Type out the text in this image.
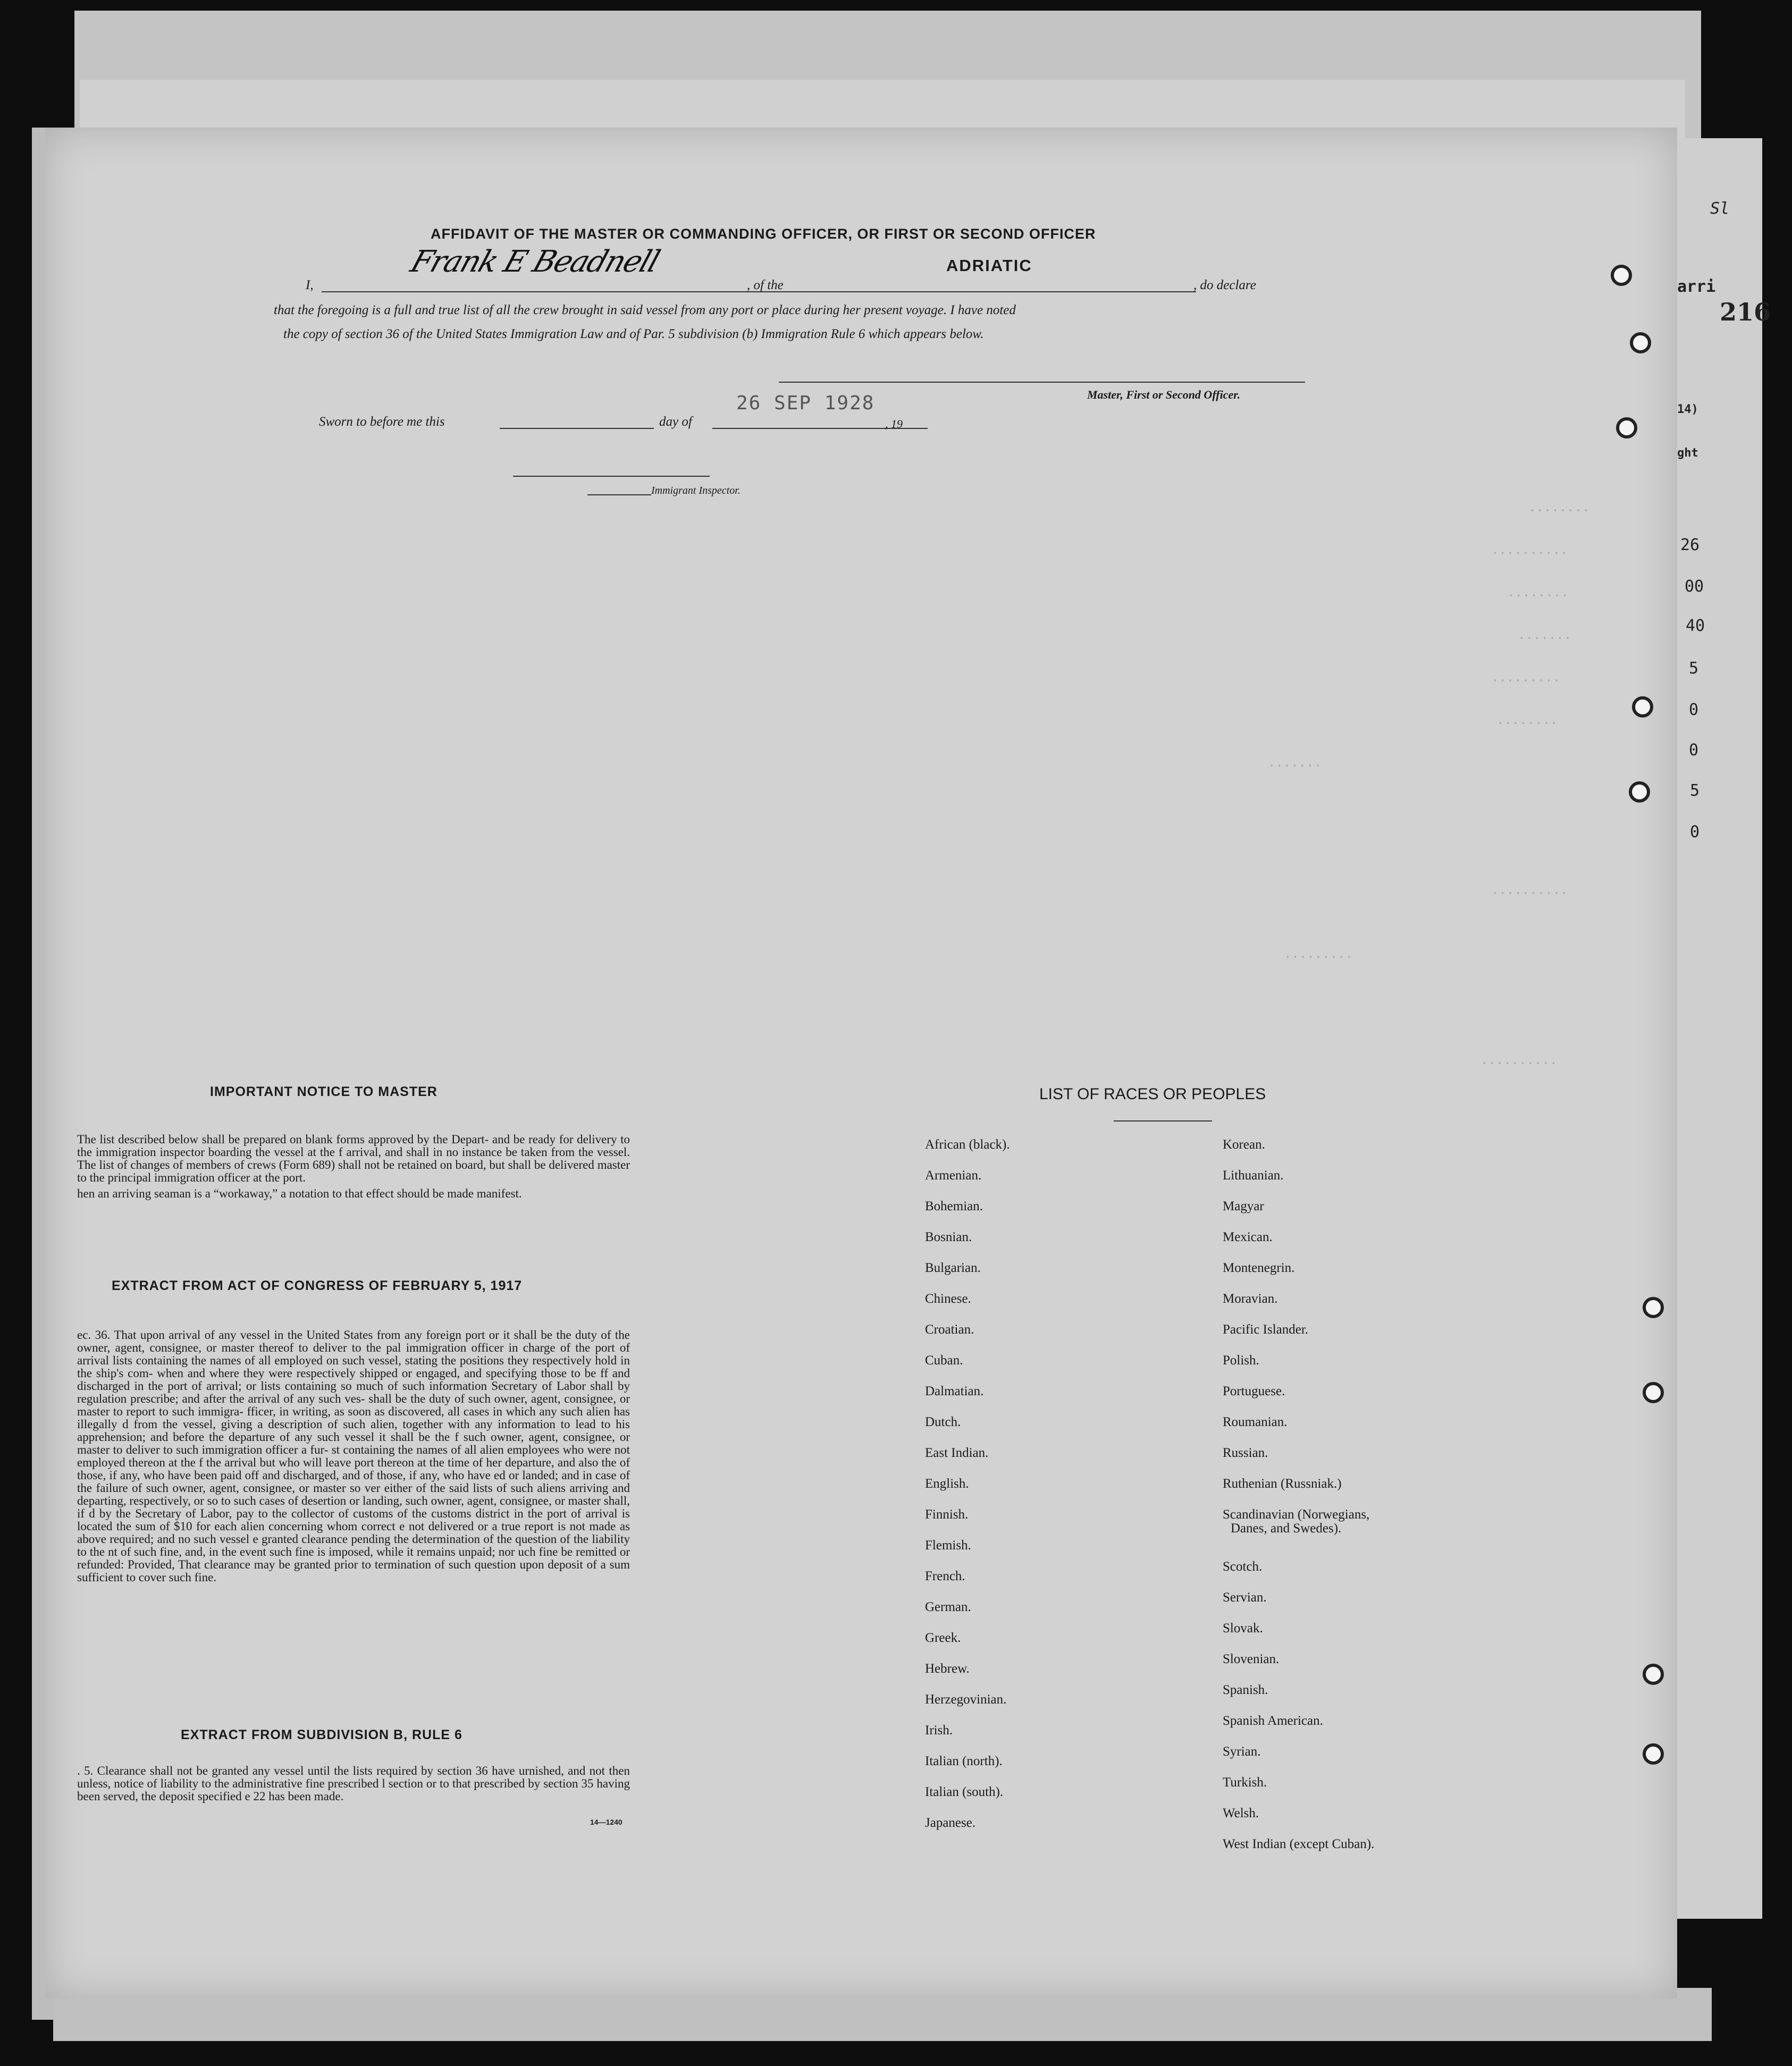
Sl
arri
216
14)
ght
26
00
40
5
0
0
5
0
AFFIDAVIT OF THE MASTER OR COMMANDING OFFICER, OR FIRST OR SECOND OFFICER
I,
Frank E Beadnell
, of the
ADRIATIC
, do declare
that the foregoing is a full and true list of all the crew brought in said vessel from any port or place during her present voyage. I have noted
the copy of section 36 of the United States Immigration Law and of Par. 5 subdivision (b) Immigration Rule 6 which appears below.
Master, First or Second Officer.
Sworn to before me this	day of
26 SEP 1928
, 19
Immigrant Inspector.
........
..........
........
.......
.........
........
.......
..........
.........
..........
IMPORTANT NOTICE TO MASTER

The list described below shall be prepared on blank forms approved by the Depart- and be ready for delivery to the immigration inspector boarding the vessel at the f arrival, and shall in no instance be taken from the vessel. The list of changes of members of crews (Form 689) shall not be retained on board, but shall be delivered master to the principal immigration officer at the port.

hen an arriving seaman is a “workaway,” a notation to that effect should be made manifest.

EXTRACT FROM ACT OF CONGRESS OF FEBRUARY 5, 1917

ec. 36. That upon arrival of any vessel in the United States from any foreign port or it shall be the duty of the owner, agent, consignee, or master thereof to deliver to the pal immigration officer in charge of the port of arrival lists containing the names of all employed on such vessel, stating the positions they respectively hold in the ship's com- when and where they were respectively shipped or engaged, and specifying those to be ff and discharged in the port of arrival; or lists containing so much of such information Secretary of Labor shall by regulation prescribe; and after the arrival of any such ves- shall be the duty of such owner, agent, consignee, or master to report to such immigra- fficer, in writing, as soon as discovered, all cases in which any such alien has illegally d from the vessel, giving a description of such alien, together with any information to lead to his apprehension; and before the departure of any such vessel it shall be the f such owner, agent, consignee, or master to deliver to such immigration officer a fur- st containing the names of all alien employees who were not employed thereon at the f the arrival but who will leave port thereon at the time of her departure, and also the of those, if any, who have been paid off and discharged, and of those, if any, who have ed or landed; and in case of the failure of such owner, agent, consignee, or master so ver either of the said lists of such aliens arriving and departing, respectively, or so to such cases of desertion or landing, such owner, agent, consignee, or master shall, if d by the Secretary of Labor, pay to the collector of customs of the customs district in the port of arrival is located the sum of $10 for each alien concerning whom correct e not delivered or a true report is not made as above required; and no such vessel e granted clearance pending the determination of the question of the liability to the nt of such fine, and, in the event such fine is imposed, while it remains unpaid; nor uch fine be remitted or refunded: Provided, That clearance may be granted prior to termination of such question upon deposit of a sum sufficient to cover such fine.

EXTRACT FROM SUBDIVISION B, RULE 6

. 5. Clearance shall not be granted any vessel until the lists required by section 36 have urnished, and not then unless, notice of liability to the administrative fine prescribed l section or to that prescribed by section 35 having been served, the deposit specified e 22 has been made.

14—1240
LIST OF RACES OR PEOPLES
African (black).
Armenian.
Bohemian.
Bosnian.
Bulgarian.
Chinese.
Croatian.
Cuban.
Dalmatian.
Dutch.
East Indian.
English.
Finnish.
Flemish.
French.
German.
Greek.
Hebrew.
Herzegovinian.
Irish.
Italian (north).
Italian (south).
Japanese.
Korean.
Lithuanian.
Magyar
Mexican.
Montenegrin.
Moravian.
Pacific Islander.
Polish.
Portuguese.
Roumanian.
Russian.
Ruthenian (Russniak.)
Scandinavian (Norwegians,
Danes, and Swedes).
Scotch.
Servian.
Slovak.
Slovenian.
Spanish.
Spanish American.
Syrian.
Turkish.
Welsh.
West Indian (except Cuban).
